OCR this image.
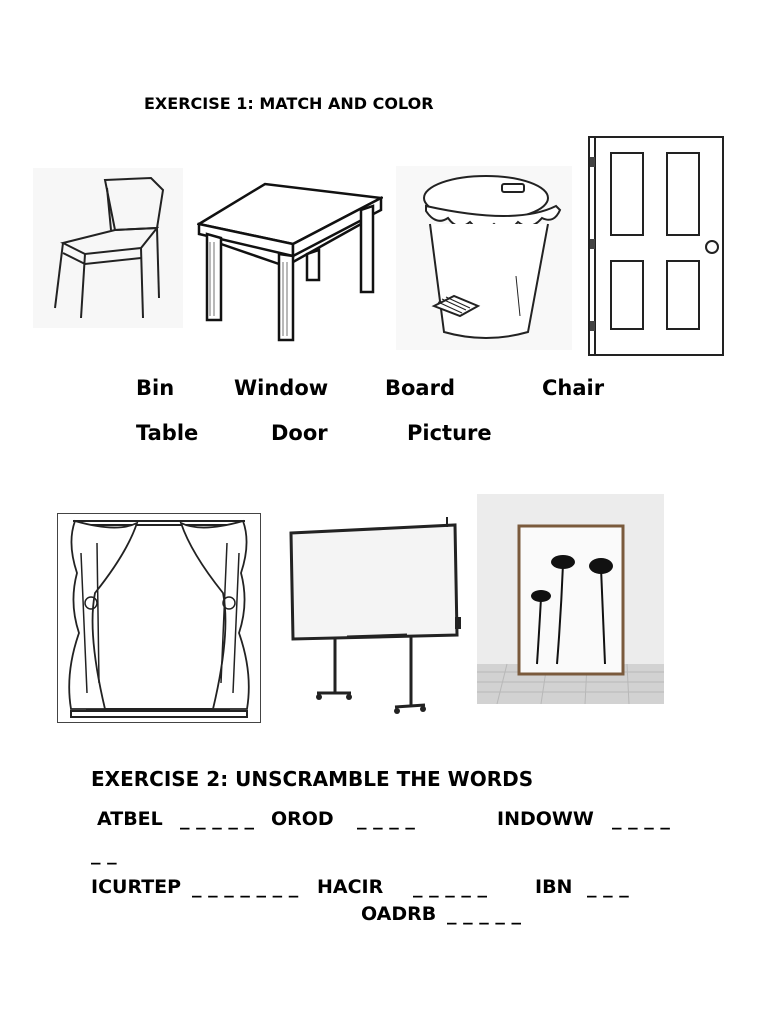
EXERCISE 1: MATCH AND COLOR
Bin	Window	Board	Chair
Table	Door	Picture
EXERCISE 2: UNSCRAMBLE THE WORDS
ATBEL _ _ _ _ _ OROD _ _ _ _	INDOWW _ _ _ _
_ _
ICURTEP _ _ _ _ _ _ _ HACIR _ _ _ _ _	IBN _ _ _
OADRB _ _ _ _ _
